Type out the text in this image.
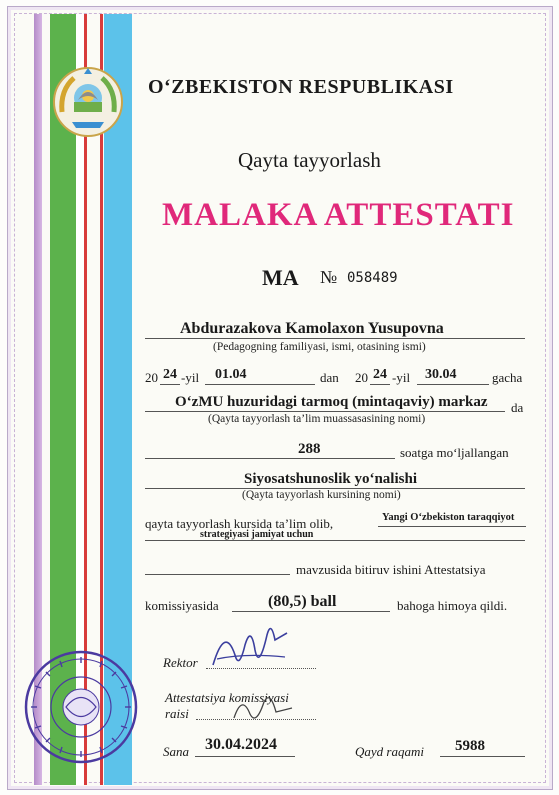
O‘ZBEKISTON RESPUBLIKASI
Qayta tayyorlash
MALAKA ATTESTATI
MA № 058489
Abdurazakova Kamolaxon Yusupovna
(Pedagogning familiyasi, ismi, otasining ismi)
20 24 -yil 01.04	dan 20 24 -yil 30.04	gacha
O‘zMU huzuridagi tarmoq (mintaqaviy) markaz da
(Qayta tayyorlash ta’lim muassasasining nomi)
288	soatga mo‘ljallangan
Siyosatshunoslik yo‘nalishi
(Qayta tayyorlash kursining nomi)
qayta tayyorlash kursida ta’lim olib,	Yangi O‘zbekiston taraqqiyot
strategiyasi jamiyat uchun
mavzusida bitiruv ishini Attestatsiya
komissiyasida	(80,5) ball	bahoga himoya qildi.
Rektor
Attestatsiya komissiyasi
raisi
Sana 30.04.2024	Qayd raqami 5988
